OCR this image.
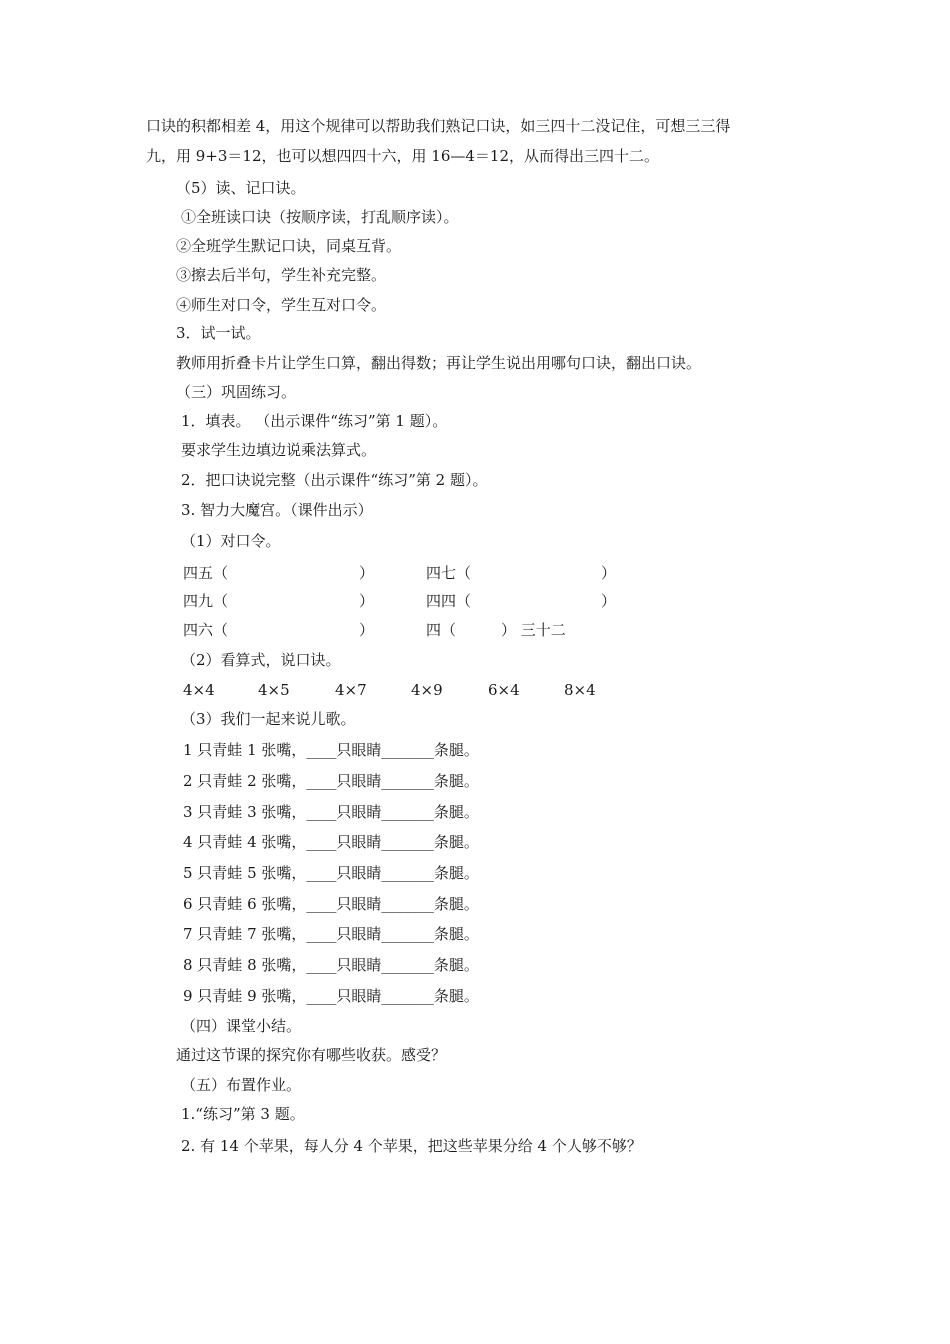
口诀的积都相差 4，用这个规律可以帮助我们熟记口诀，如三四十二没记住，可想三三得
九，用 9+3＝12，也可以想四四十六，用 16—4＝12，从而得出三四十二。
（5）读、记口诀。
①全班读口诀（按顺序读，打乱顺序读）。
②全班学生默记口诀，同桌互背。
③擦去后半句，学生补充完整。
④师生对口令，学生互对口令。
3．试一试。
教师用折叠卡片让学生口算，翻出得数；再让学生说出用哪句口诀，翻出口诀。
（三）巩固练习。
1．填表。 （出示课件“练习”第 1 题）。
要求学生边填边说乘法算式。
2．把口诀说完整（出示课件“练习”第 2 题）。
3. 智力大魔宫。（课件出示）
（1）对口令。
四五（	）	四七（	）
四九（	）	四四（	）
四六（	）	四（	） 三十二
（2）看算式，说口诀。
4×4	4×5	4×7	4×9	6×4	8×4
（3）我们一起来说儿歌。
1 只青蛙 1 张嘴，____只眼睛_______条腿。
2 只青蛙 2 张嘴，____只眼睛_______条腿。
3 只青蛙 3 张嘴，____只眼睛_______条腿。
4 只青蛙 4 张嘴，____只眼睛_______条腿。
5 只青蛙 5 张嘴，____只眼睛_______条腿。
6 只青蛙 6 张嘴，____只眼睛_______条腿。
7 只青蛙 7 张嘴，____只眼睛_______条腿。
8 只青蛙 8 张嘴，____只眼睛_______条腿。
9 只青蛙 9 张嘴，____只眼睛_______条腿。
（四）课堂小结。
通过这节课的探究你有哪些收获。感受？
（五）布置作业。
1.“练习”第 3 题。
2. 有 14 个苹果，每人分 4 个苹果，把这些苹果分给 4 个人够不够？
